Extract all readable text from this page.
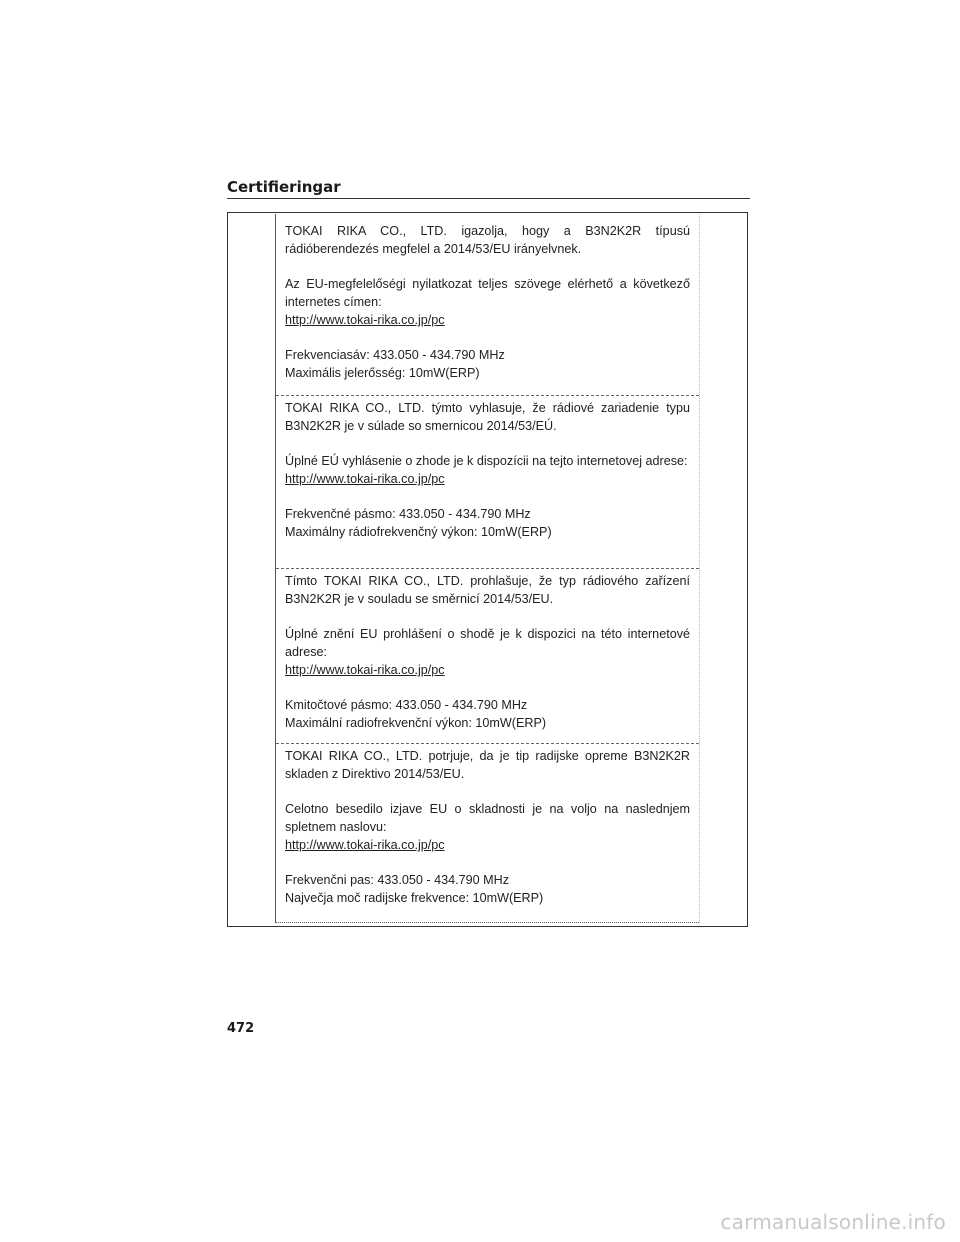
Certifieringar

TOKAI RIKA CO., LTD. igazolja, hogy a B3N2K2R típusú rádióberendezés megfelel a 2014/53/EU irányelvnek.

Az EU-megfelelőségi nyilatkozat teljes szövege elérhető a következő internetes címen:

http://www.tokai-rika.co.jp/pc

Frekvenciasáv: 433.050 - 434.790 MHz

Maximális jelerősség: 10mW(ERP)

TOKAI RIKA CO., LTD. týmto vyhlasuje, že rádiové zariadenie typu B3N2K2R je v súlade so smernicou 2014/53/EÚ.

Úplné EÚ vyhlásenie o zhode je k dispozícii na tejto internetovej adrese:

http://www.tokai-rika.co.jp/pc

Frekvenčné pásmo: 433.050 - 434.790 MHz

Maximálny rádiofrekvenčný výkon: 10mW(ERP)

Tímto TOKAI RIKA CO., LTD. prohlašuje, že typ rádiového zařízení B3N2K2R je v souladu se směrnicí 2014/53/EU.

Úplné znění EU prohlášení o shodě je k dispozici na této internetové adrese:

http://www.tokai-rika.co.jp/pc

Kmitočtové pásmo: 433.050 - 434.790 MHz

Maximální radiofrekvenční výkon: 10mW(ERP)

TOKAI RIKA CO., LTD. potrjuje, da je tip radijske opreme B3N2K2R skladen z Direktivo 2014/53/EU.

Celotno besedilo izjave EU o skladnosti je na voljo na naslednjem spletnem naslovu:

http://www.tokai-rika.co.jp/pc

Frekvenčni pas: 433.050 - 434.790 MHz

Največja moč radijske frekvence: 10mW(ERP)

472
carmanualsonline.info
